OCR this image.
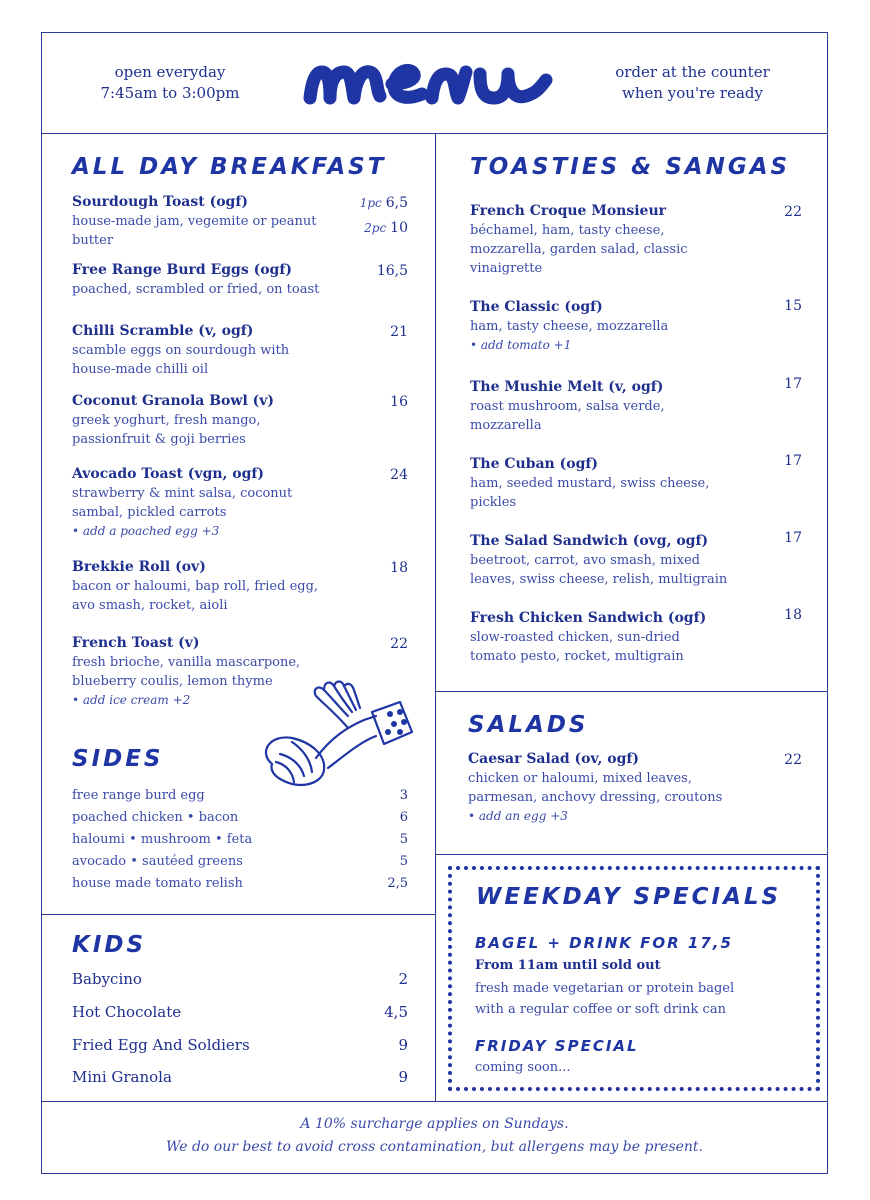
open everyday
7:45am to 3:00pm
order at the counter
when you're ready
ALL DAY BREAKFAST
Sourdough Toast (ogf)
house-made jam, vegemite or peanut butter
1pc 6,5
2pc 10
Free Range Burd Eggs (ogf)
poached, scrambled or fried, on toast
16,5
Chilli Scramble (v, ogf)
scamble eggs on sourdough with house-made chilli oil
21
Coconut Granola Bowl (v)
greek yoghurt, fresh mango, passionfruit & goji berries
16
Avocado Toast (vgn, ogf)
strawberry & mint salsa, coconut sambal, pickled carrots
• add a poached egg +3
24
Brekkie Roll (ov)
bacon or haloumi, bap roll, fried egg, avo smash, rocket, aioli
18
French Toast (v)
fresh brioche, vanilla mascarpone, blueberry coulis, lemon thyme
• add ice cream +2
22
SIDES
free range burd egg	3
poached chicken • bacon	6
haloumi • mushroom • feta	5
avocado • sautéed greens	5
house made tomato relish	2,5
KIDS
Babycino	2
Hot Chocolate	4,5
Fried Egg And Soldiers	9
Mini Granola	9
TOASTIES & SANGAS
French Croque Monsieur
béchamel, ham, tasty cheese, mozzarella, garden salad, classic vinaigrette
22
The Classic (ogf)
ham, tasty cheese, mozzarella
• add tomato +1
15
The Mushie Melt (v, ogf)
roast mushroom, salsa verde, mozzarella
17
The Cuban (ogf)
ham, seeded mustard, swiss cheese, pickles
17
The Salad Sandwich (ovg, ogf)
beetroot, carrot, avo smash, mixed leaves, swiss cheese, relish, multigrain
17
Fresh Chicken Sandwich (ogf)
slow-roasted chicken, sun-dried tomato pesto, rocket, multigrain
18
SALADS
Caesar Salad (ov, ogf)
chicken or haloumi, mixed leaves, parmesan, anchovy dressing, croutons
• add an egg +3
22
WEEKDAY SPECIALS
BAGEL + DRINK FOR 17,5
From 11am until sold out
fresh made vegetarian or protein bagel
with a regular coffee or soft drink can
FRIDAY SPECIAL
coming soon...
A 10% surcharge applies on Sundays.
We do our best to avoid cross contamination, but allergens may be present.
